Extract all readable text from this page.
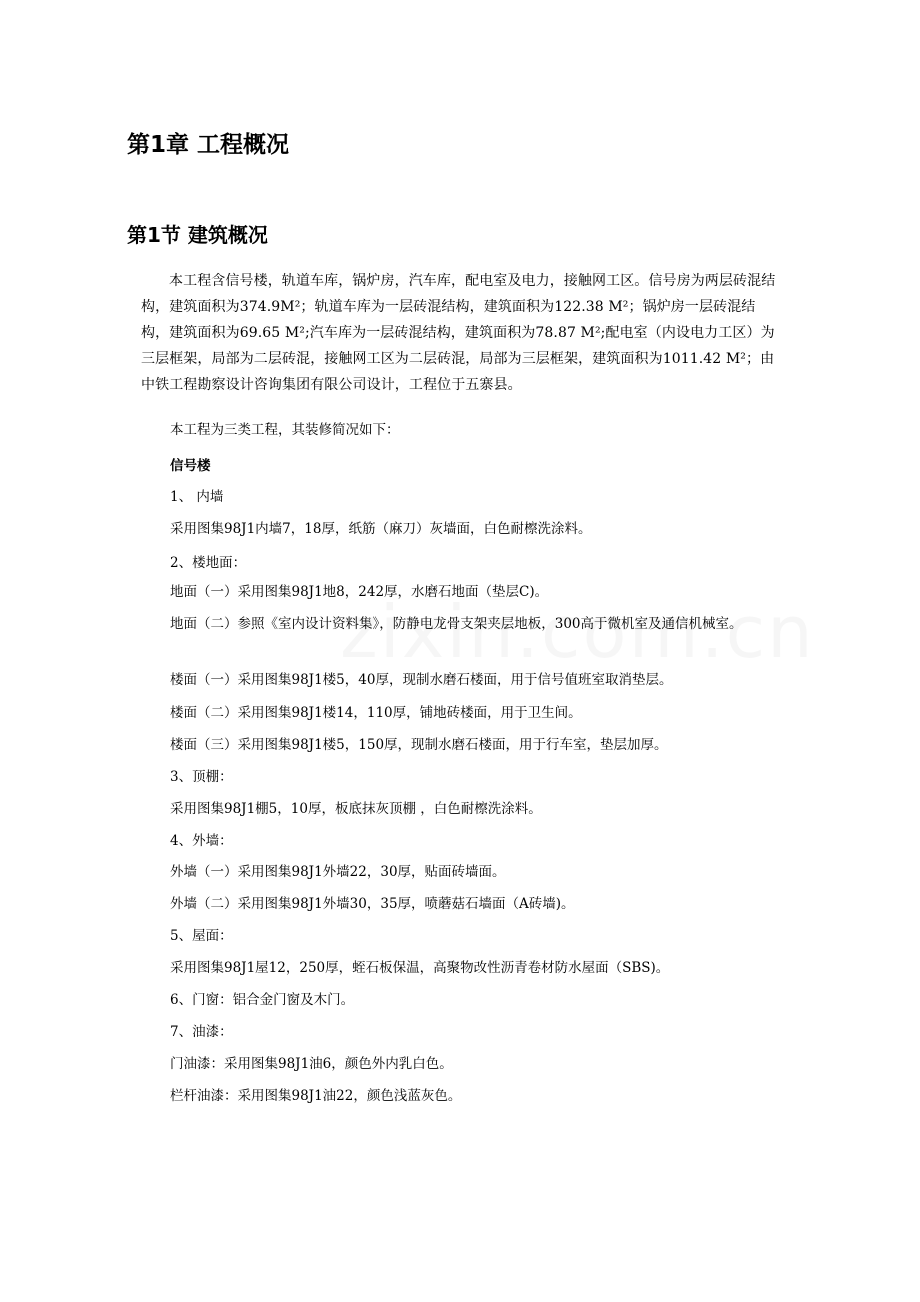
第1章 工程概况
第1节 建筑概况

本工程含信号楼，轨道车库，锅炉房，汽车库，配电室及电力，接触网工区。信号房为两层砖混结构，建筑面积为374.9M²；轨道车库为一层砖混结构，建筑面积为122.38 M²；锅炉房一层砖混结构，建筑面积为69.65 M²;汽车库为一层砖混结构，建筑面积为78.87 M²;配电室（内设电力工区）为三层框架，局部为二层砖混，接触网工区为二层砖混，局部为三层框架，建筑面积为1011.42 M²；由中铁工程勘察设计咨询集团有限公司设计，工程位于五寨县。

本工程为三类工程，其装修简况如下：

信号楼

1、 内墙

采用图集98J1内墙7，18厚，纸筋（麻刀）灰墙面，白色耐檫洗涂料。

2、楼地面：

地面（一）采用图集98J1地8，242厚，水磨石地面（垫层C)。

地面（二）参照《室内设计资料集》，防静电龙骨支架夹层地板，300高于微机室及通信机械室。

楼面（一）采用图集98J1楼5，40厚，现制水磨石楼面，用于信号值班室取消垫层。

楼面（二）采用图集98J1楼14，110厚，铺地砖楼面，用于卫生间。

楼面（三）采用图集98J1楼5，150厚，现制水磨石楼面，用于行车室，垫层加厚。

3、顶棚：

采用图集98J1棚5，10厚，板底抹灰顶棚 ，白色耐檫洗涂料。

4、外墙：

外墙（一）采用图集98J1外墙22，30厚，贴面砖墙面。

外墙（二）采用图集98J1外墙30，35厚，喷蘑菇石墙面（A砖墙)。

5、屋面：

采用图集98J1屋12，250厚，蛭石板保温，高聚物改性沥青卷材防水屋面（SBS)。

6、门窗：铝合金门窗及木门。

7、油漆：

门油漆：采用图集98J1油6，颜色外内乳白色。

栏杆油漆：采用图集98J1油22，颜色浅蓝灰色。
